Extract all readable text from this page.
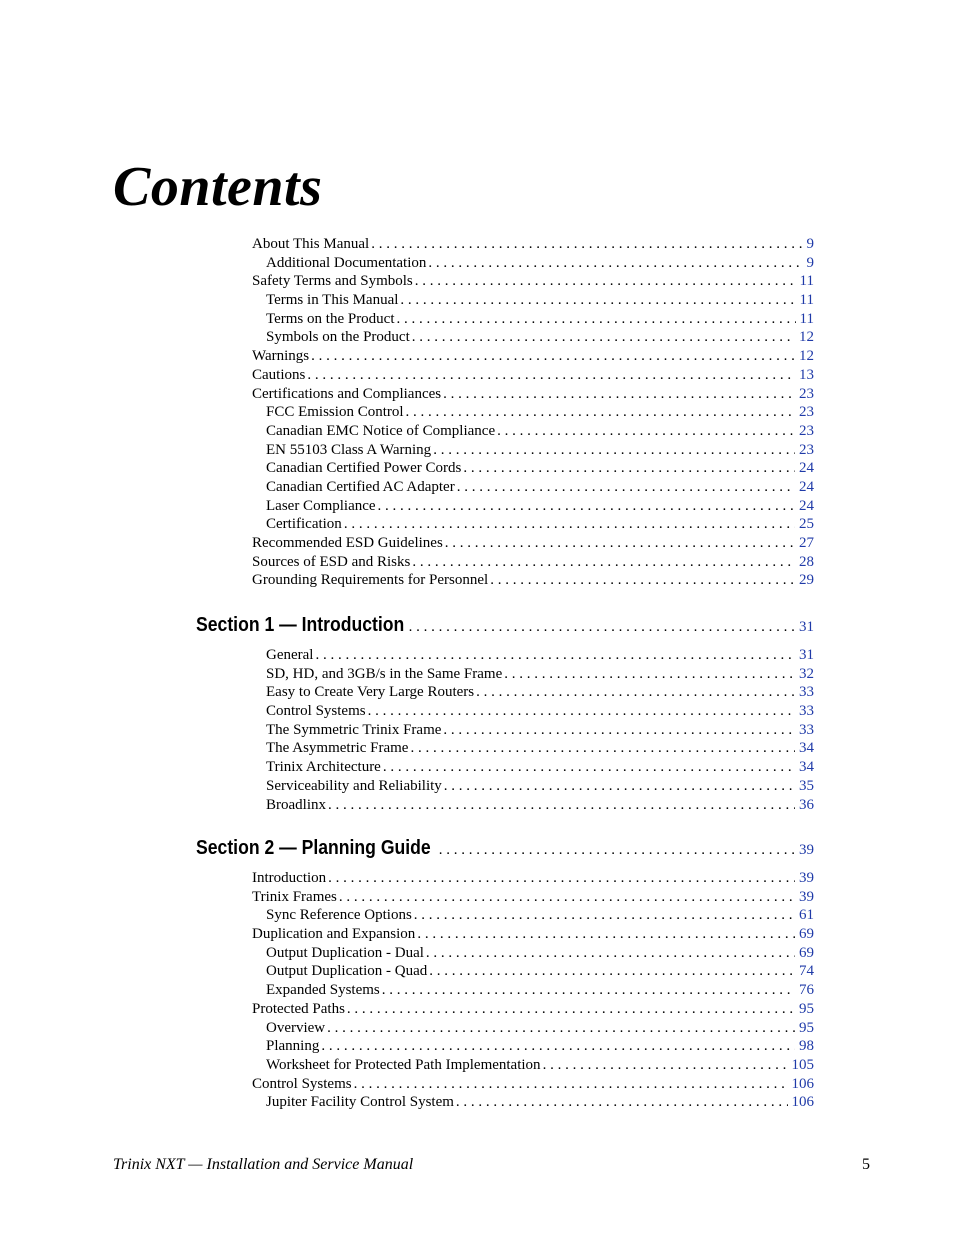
Contents
About This Manual . . .	9
Additional Documentation . . .	9
Safety Terms and Symbols . . .	11
Terms in This Manual . . .	11
Terms on the Product . . .	11
Symbols on the Product . . .	12
Warnings . . .	12
Cautions . . .	13
Certifications and Compliances . . .	23
FCC Emission Control . . .	23
Canadian EMC Notice of Compliance . . .	23
EN 55103 Class A Warning . . .	23
Canadian Certified Power Cords . . .	24
Canadian Certified AC Adapter . . .	24
Laser Compliance . . .	24
Certification . . .	25
Recommended ESD Guidelines . . .	27
Sources of ESD and Risks . . .	28
Grounding Requirements for Personnel . . .	29
Section 1 — Introduction . . .	31
General . . .	31
SD, HD, and 3GB/s in the Same Frame . . .	32
Easy to Create Very Large Routers . . .	33
Control Systems . . .	33
The Symmetric Trinix Frame . . .	33
The Asymmetric Frame . . .	34
Trinix Architecture . . .	34
Serviceability and Reliability . . .	35
Broadlinx . . .	36
Section 2 — Planning Guide . . .	39
Introduction . . .	39
Trinix Frames . . .	39
Sync Reference Options . . .	61
Duplication and Expansion . . .	69
Output Duplication - Dual . . .	69
Output Duplication - Quad . . .	74
Expanded Systems . . .	76
Protected Paths . . .	95
Overview . . .	95
Planning . . .	98
Worksheet for Protected Path Implementation . . .	105
Control Systems . . .	106
Jupiter Facility Control System . . .	106
Trinix NXT — Installation and Service Manual	5
